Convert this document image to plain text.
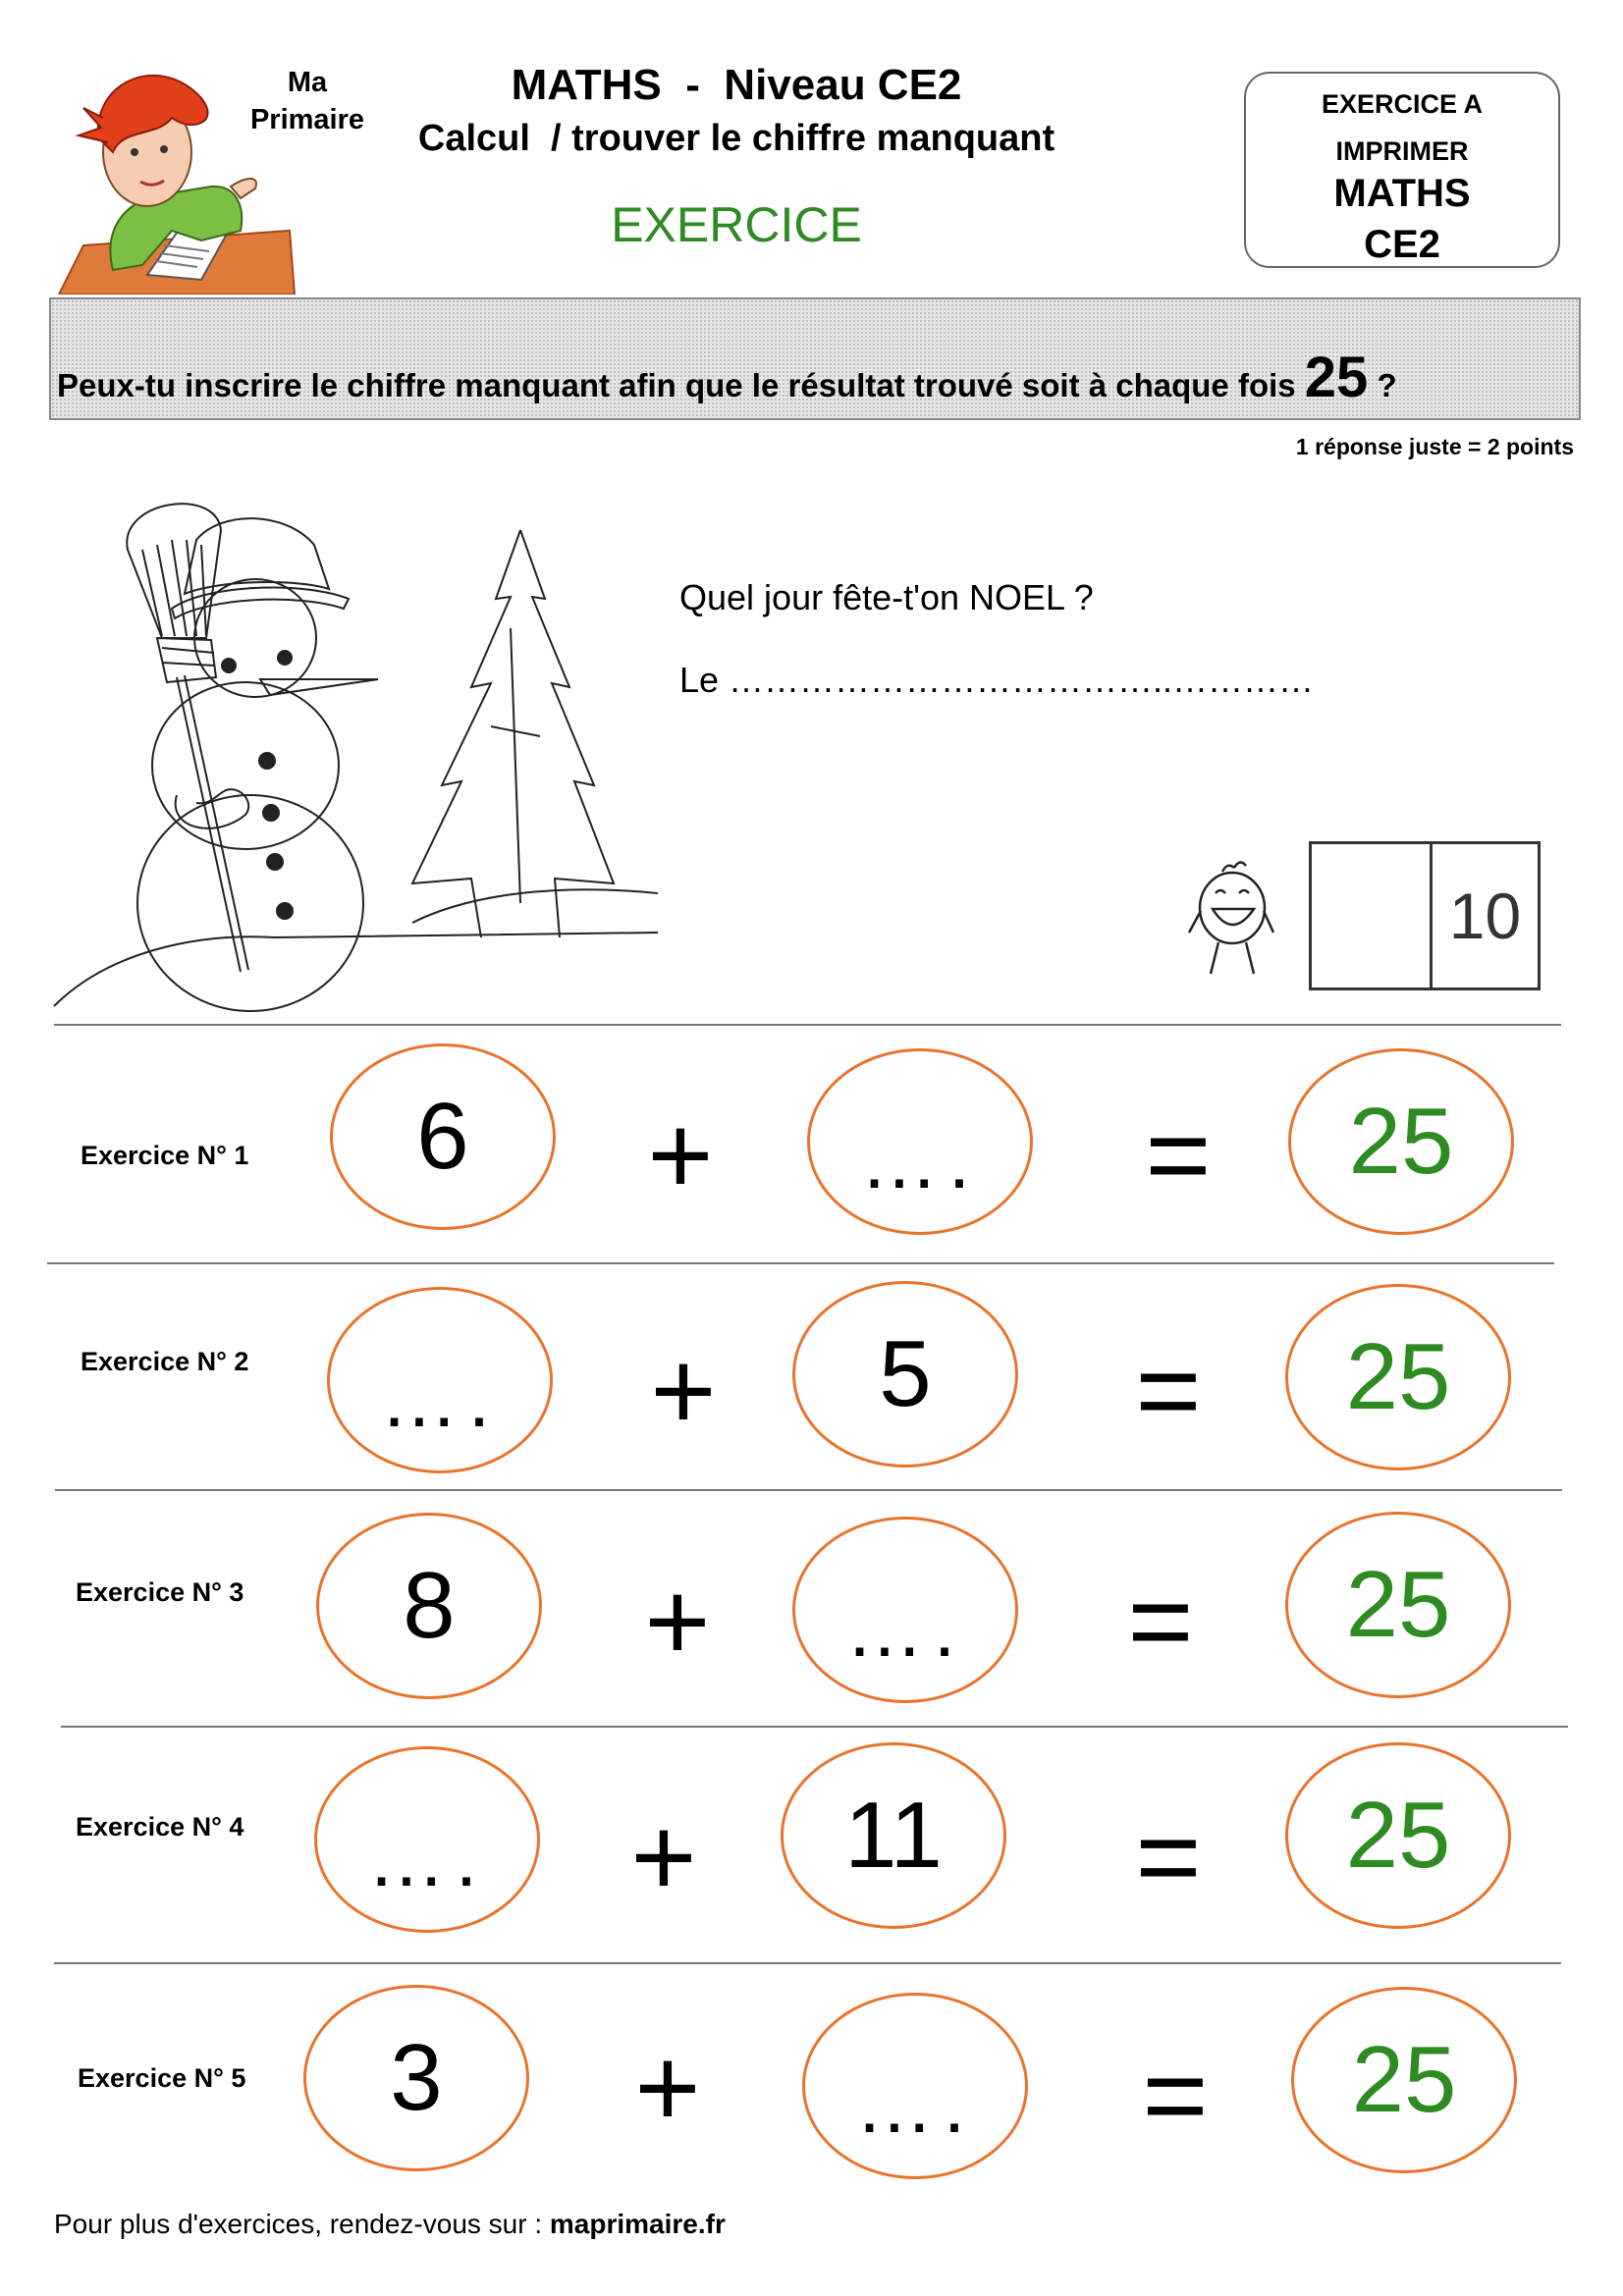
Ma
Primaire
MATHS  -  Niveau CE2
Calcul  / trouver le chiffre manquant
EXERCICE
EXERCICE A
IMPRIMER
MATHS
CE2
Peux-tu inscrire le chiffre manquant afin que le résultat trouvé soit à chaque fois 25 ?
1 réponse juste = 2 points
Quel jour fête-t'on NOEL ?
Le ………………………………..…………
10
Exercice N° 1 6 +	…. = 25
Exercice N° 2 …. + 5 = 25
Exercice N° 3 8 +	…. = 25
Exercice N° 4 …. + 11 = 25
Exercice N° 5 3 +	…. = 25
Pour plus d'exercices, rendez-vous sur : maprimaire.fr
